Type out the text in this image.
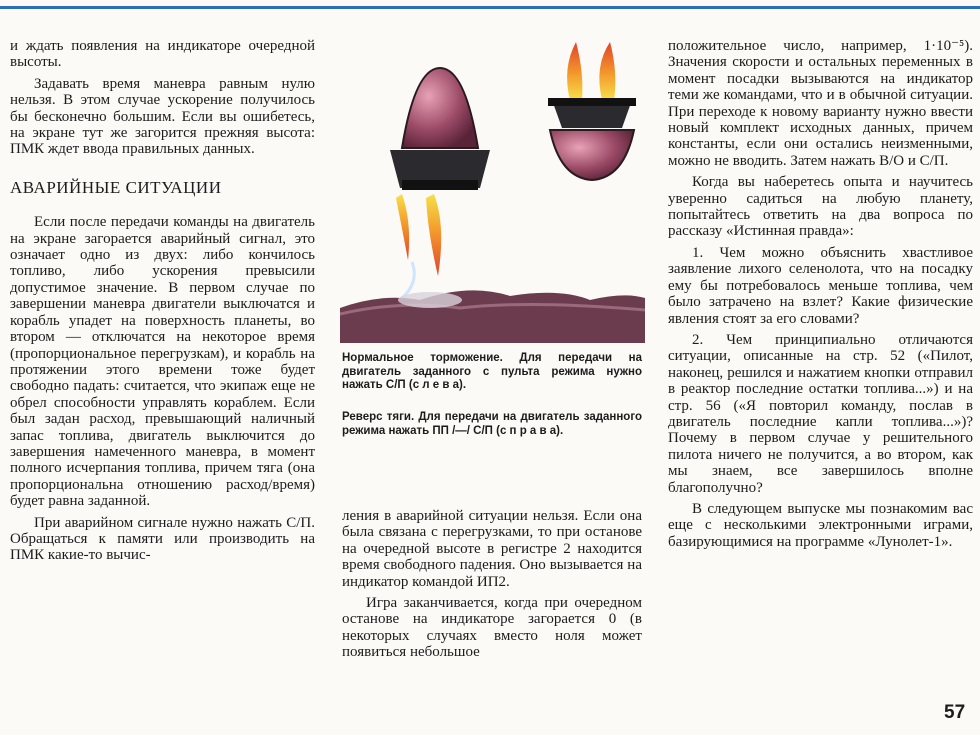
и ждать появления на индикаторе очередной высоты.

Задавать время маневра равным нулю нельзя. В этом случае ускорение получилось бы бесконечно большим. Если вы ошибетесь, на экране тут же загорится прежняя высота: ПМК ждет ввода правильных данных.

АВАРИЙНЫЕ СИТУАЦИИ

Если после передачи команды на двигатель на экране загорается аварийный сигнал, это означает одно из двух: либо кончилось топливо, либо ускорения превысили допустимое значение. В первом случае по завершении маневра двигатели выключатся и корабль упадет на поверхность планеты, во втором — отключатся на некоторое время (пропорциональное перегрузкам), и корабль на протяжении этого времени тоже будет свободно падать: считается, что экипаж еще не обрел способности управлять кораблем. Если был задан расход, превышающий наличный запас топлива, двигатель выключится до завершения намеченного маневра, в момент полного исчерпания топлива, причем тяга (она пропорциональна отношению расход/время) будет равна заданной.

При аварийном сигнале нужно нажать С/П. Обращаться к памяти или производить на ПМК какие-то вычис-

Нормальное торможение. Для передачи на двигатель заданного с пульта режима нужно нажать С/П (с л е в а).
Реверс тяги. Для передачи на двигатель заданного режима нажать ПП /—/ С/П (с п р а в а).

ления в аварийной ситуации нельзя. Если она была связана с перегрузками, то при останове на очередной высоте в регистре 2 находится время свободного падения. Оно вызывается на индикатор командой ИП2.

Игра заканчивается, когда при очередном останове на индикаторе загорается 0 (в некоторых случаях вместо ноля может появиться небольшое

положительное число, например, 1·10⁻⁵). Значения скорости и остальных переменных в момент посадки вызываются на индикатор теми же командами, что и в обычной ситуации. При переходе к новому варианту нужно ввести новый комплект исходных данных, причем константы, если они остались неизменными, можно не вводить. Затем нажать В/О и С/П.

Когда вы наберетесь опыта и научитесь уверенно садиться на любую планету, попытайтесь ответить на два вопроса по рассказу «Истинная правда»:

1. Чем можно объяснить хвастливое заявление лихого селенолота, что на посадку ему бы потребовалось меньше топлива, чем было затрачено на взлет? Какие физические явления стоят за его словами?

2. Чем принципиально отличаются ситуации, описанные на стр. 52 («Пилот, наконец, решился и нажатием кнопки отправил в реактор последние остатки топлива...») и на стр. 56 («Я повторил команду, послав в двигатель последние капли топлива...»)? Почему в первом случае у решительного пилота ничего не получится, а во втором, как мы знаем, все завершилось вполне благополучно?

В следующем выпуске мы познакомим вас еще с несколькими электронными играми, базирующимися на программе «Лунолет-1».

57
